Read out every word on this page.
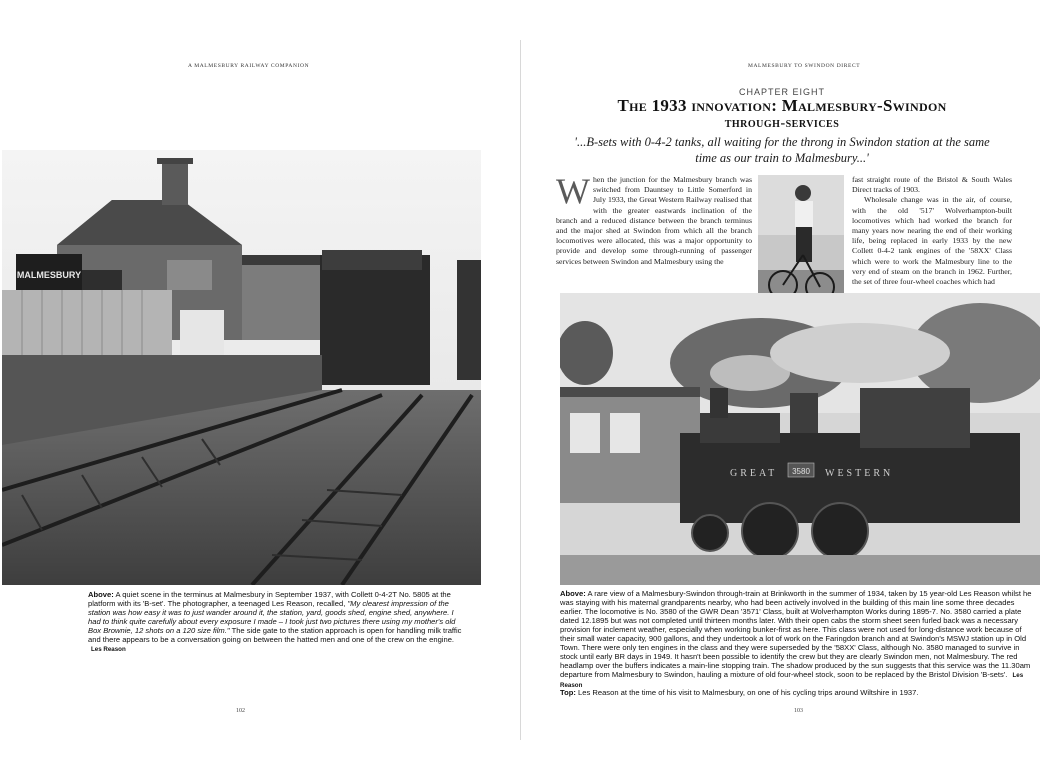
A MALMESBURY RAILWAY COMPANION
MALMESBURY
Above: A quiet scene in the terminus at Malmesbury in September 1937, with Collett 0-4-2T No. 5805 at the platform with its 'B-set'. The photographer, a teenaged Les Reason, recalled, "My clearest impression of the station was how easy it was to just wander around it, the station, yard, goods shed, engine shed, anywhere. I had to think quite carefully about every exposure I made – I took just two pictures there using my mother's old Box Brownie, 12 shots on a 120 size film." The side gate to the station approach is open for handling milk traffic and there appears to be a conversation going on between the hatted men and one of the crew on the engine. Les Reason
102
MALMESBURY TO SWINDON DIRECT
CHAPTER EIGHT
The 1933 innovation: Malmesbury-Swindon
through-services
'...B-sets with 0-4-2 tanks, all waiting for the throng in Swindon station at the same time as our train to Malmesbury...'
W hen the junction for the Malmesbury branch was switched from Dauntsey to Little Somerford in July 1933, the Great Western Railway realised that with the greater eastwards inclination of the branch and a reduced distance between the branch terminus and the major shed at Swindon from which all the branch locomotives were allocated, this was a major opportunity to provide and develop some through-running of passenger services between Swindon and Malmesbury using the
fast straight route of the Bristol & South Wales Direct tracks of 1903.
Wholesale change was in the air, of course, with the old '517' Wolverhampton-built locomotives which had worked the branch for many years now nearing the end of their working life, being replaced in early 1933 by the new Collett 0-4-2 tank engines of the '58XX' Class which were to work the Malmesbury line to the very end of steam on the branch in 1962. Further, the set of three four-wheel coaches which had
GREAT 3580 WESTERN
Above: A rare view of a Malmesbury-Swindon through-train at Brinkworth in the summer of 1934, taken by 15 year-old Les Reason whilst he was staying with his maternal grandparents nearby, who had been actively involved in the building of this main line some three decades earlier. The locomotive is No. 3580 of the GWR Dean '3571' Class, built at Wolverhampton Works during 1895-7. No. 3580 carried a plate dated 12.1895 but was not completed until thirteen months later. With their open cabs the storm sheet seen furled back was a necessary provision for inclement weather, especially when working bunker-first as here. This class were not used for long-distance work because of their small water capacity, 900 gallons, and they undertook a lot of work on the Faringdon branch and at Swindon's MSWJ station up in Old Town. There were only ten engines in the class and they were superseded by the '58XX' Class, although No. 3580 managed to survive in stock until early BR days in 1949. It hasn't been possible to identify the crew but they are clearly Swindon men, not Malmesbury. The red headlamp over the buffers indicates a main-line stopping train. The shadow produced by the sun suggests that this service was the 11.30am departure from Malmesbury to Swindon, hauling a mixture of old four-wheel stock, soon to be replaced by the Bristol Division 'B-sets'. Les Reason
Top: Les Reason at the time of his visit to Malmesbury, on one of his cycling trips around Wiltshire in 1937.
103
